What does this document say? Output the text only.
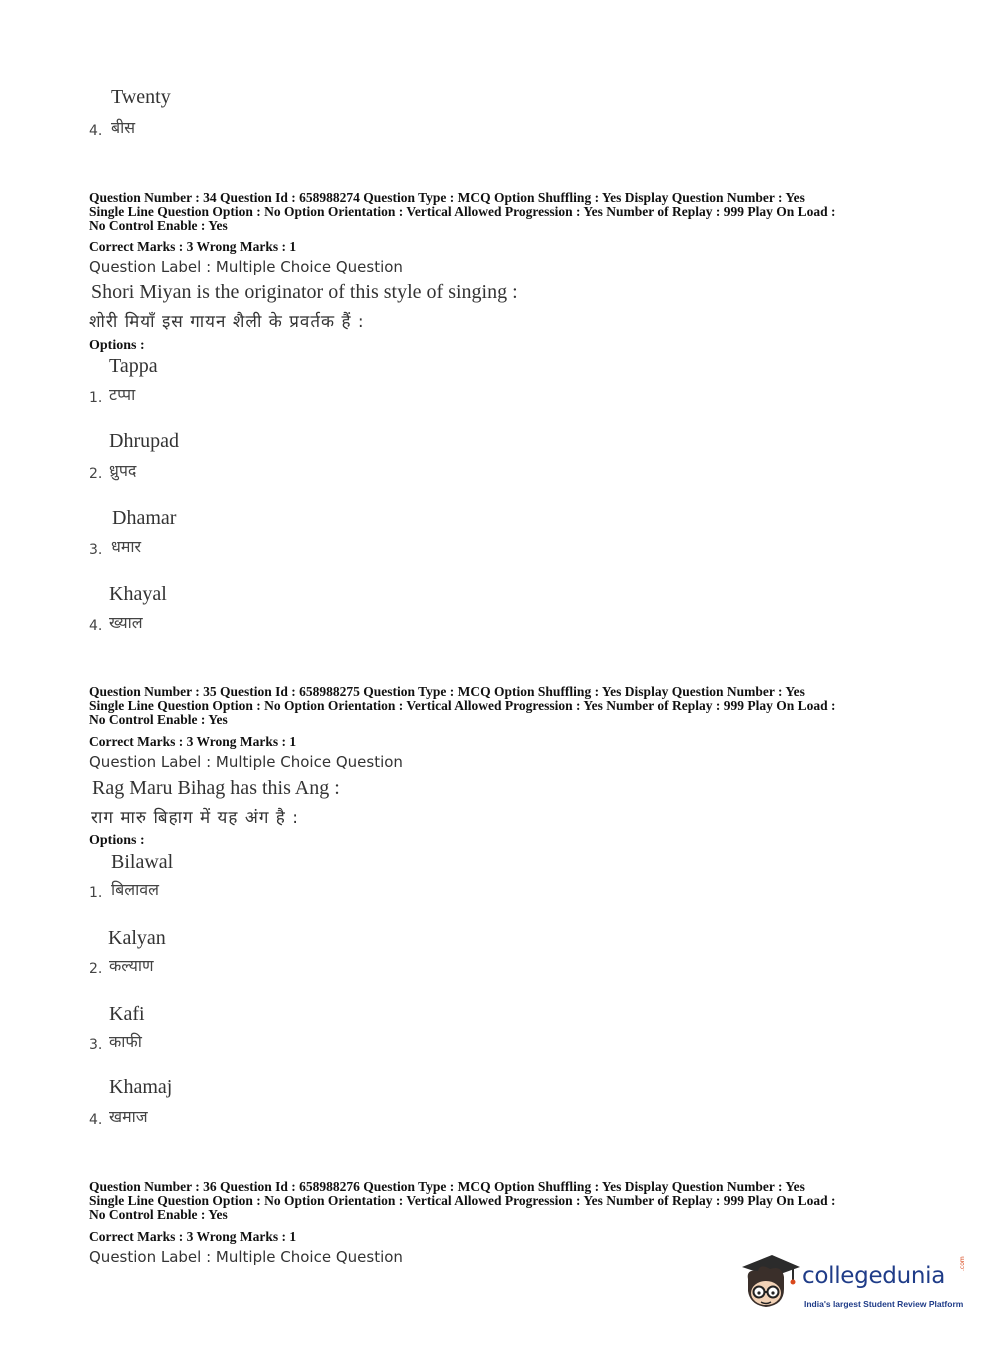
Twenty
4. बीस
Question Number : 34 Question Id : 658988274 Question Type : MCQ Option Shuffling : Yes Display Question Number : Yes
Single Line Question Option : No Option Orientation : Vertical Allowed Progression : Yes Number of Replay : 999 Play On Load :
No Control Enable : Yes
Correct Marks : 3 Wrong Marks : 1
Question Label : Multiple Choice Question
Shori Miyan is the originator of this style of singing :
शोरी मियाँ इस गायन शैली के प्रवर्तक हैं :
Options :
Tappa
1. टप्पा
Dhrupad
2. ध्रुपद
Dhamar
3. धमार
Khayal
4. ख्याल
Question Number : 35 Question Id : 658988275 Question Type : MCQ Option Shuffling : Yes Display Question Number : Yes
Single Line Question Option : No Option Orientation : Vertical Allowed Progression : Yes Number of Replay : 999 Play On Load :
No Control Enable : Yes
Correct Marks : 3 Wrong Marks : 1
Question Label : Multiple Choice Question
Rag Maru Bihag has this Ang :
राग मारु बिहाग में यह अंग है :
Options :
Bilawal
1. बिलावल
Kalyan
2. कल्याण
Kafi
3. काफी
Khamaj
4. खमाज
Question Number : 36 Question Id : 658988276 Question Type : MCQ Option Shuffling : Yes Display Question Number : Yes
Single Line Question Option : No Option Orientation : Vertical Allowed Progression : Yes Number of Replay : 999 Play On Load :
No Control Enable : Yes
Correct Marks : 3 Wrong Marks : 1
Question Label : Multiple Choice Question
collegedunia .com
India's largest Student Review Platform
